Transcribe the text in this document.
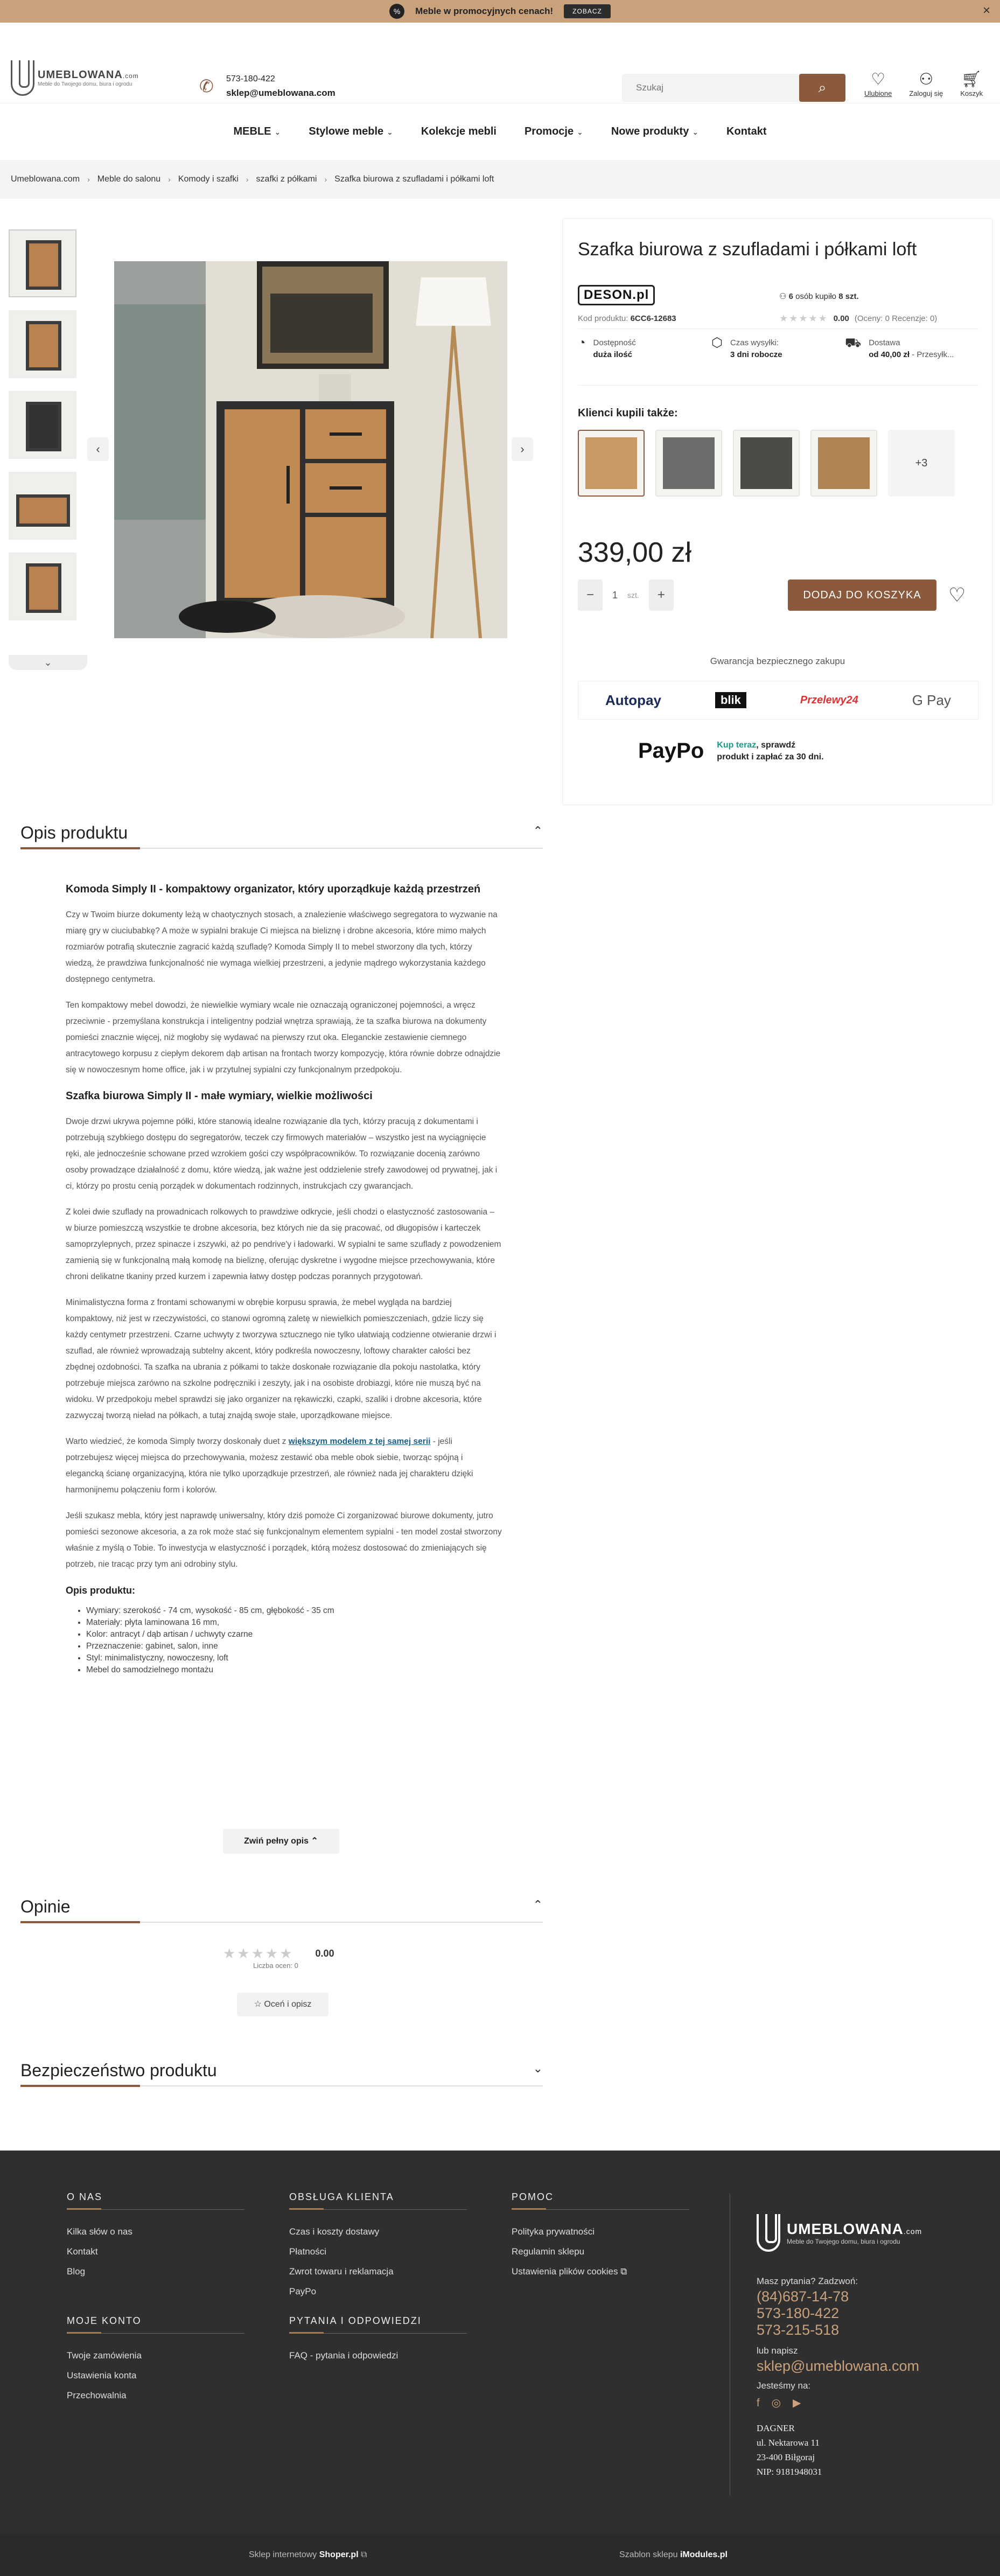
%	Meble w promocyjnych cenach!	ZOBACZ	×
UMEBLOWANA.com
Meble do Twojego domu, biura i ogrodu	✆	573-180-422
sklep@umeblowana.com
Szukaj	⌕	♡
Ulubione
⚇
Zaloguj się
🛒︎
Koszyk
MEBLE ⌄	Stylowe meble ⌄	Kolekcje mebli	Promocje ⌄	Nowe produkty ⌄	Kontakt
Umeblowana.com › Meble do salonu › Komody i szafki › szafki z półkami › Szafka biurowa z szufladami i półkami loft
⌄
‹	›
Szafka biurowa z szufladami i półkami loft
DESON.pl
Kod produktu: 6CC6-12683
⚇ 6 osób kupiło 8 szt.
★★★★★ 0.00 (Oceny: 0 Recenzje: 0)
◔ Dostępność
duża ilość
⬡ Czas wysyłki:
3 dni robocze
⛟ Dostawa
od 40,00 zł - Przesyłk...
Klienci kupili także:
+3
339,00 zł
−	1 szt.	+	DODAJ DO KOSZYKA	♡
Gwarancja bezpiecznego zakupu
Autopay	blik	Przelewy24	G Pay
PayPo Kup teraz, sprawdź
produkt i zapłać za 30 dni.
Opis produktu	⌃
Komoda Simply II - kompaktowy organizator, który uporządkuje każdą przestrzeń

Czy w Twoim biurze dokumenty leżą w chaotycznych stosach, a znalezienie właściwego segregatora to wyzwanie na miarę gry w ciuciubabkę? A może w sypialni brakuje Ci miejsca na bieliznę i drobne akcesoria, które mimo małych rozmiarów potrafią skutecznie zagracić każdą szufladę? Komoda Simply II to mebel stworzony dla tych, którzy wiedzą, że prawdziwa funkcjonalność nie wymaga wielkiej przestrzeni, a jedynie mądrego wykorzystania każdego dostępnego centymetra.

Ten kompaktowy mebel dowodzi, że niewielkie wymiary wcale nie oznaczają ograniczonej pojemności, a wręcz przeciwnie - przemyślana konstrukcja i inteligentny podział wnętrza sprawiają, że ta szafka biurowa na dokumenty pomieści znacznie więcej, niż mogłoby się wydawać na pierwszy rzut oka. Eleganckie zestawienie ciemnego antracytowego korpusu z ciepłym dekorem dąb artisan na frontach tworzy kompozycję, która równie dobrze odnajdzie się w nowoczesnym home office, jak i w przytulnej sypialni czy funkcjonalnym przedpokoju.

Szafka biurowa Simply II - małe wymiary, wielkie możliwości

Dwoje drzwi ukrywa pojemne półki, które stanowią idealne rozwiązanie dla tych, którzy pracują z dokumentami i potrzebują szybkiego dostępu do segregatorów, teczek czy firmowych materiałów – wszystko jest na wyciągnięcie ręki, ale jednocześnie schowane przed wzrokiem gości czy współpracowników. To rozwiązanie docenią zarówno osoby prowadzące działalność z domu, które wiedzą, jak ważne jest oddzielenie strefy zawodowej od prywatnej, jak i ci, którzy po prostu cenią porządek w dokumentach rodzinnych, instrukcjach czy gwarancjach.

Z kolei dwie szuflady na prowadnicach rolkowych to prawdziwe odkrycie, jeśli chodzi o elastyczność zastosowania – w biurze pomieszczą wszystkie te drobne akcesoria, bez których nie da się pracować, od długopisów i karteczek samoprzylepnych, przez spinacze i zszywki, aż po pendrive'y i ładowarki. W sypialni te same szuflady z powodzeniem zamienią się w funkcjonalną małą komodę na bieliznę, oferując dyskretne i wygodne miejsce przechowywania, które chroni delikatne tkaniny przed kurzem i zapewnia łatwy dostęp podczas porannych przygotowań.

Minimalistyczna forma z frontami schowanymi w obrębie korpusu sprawia, że mebel wygląda na bardziej kompaktowy, niż jest w rzeczywistości, co stanowi ogromną zaletę w niewielkich pomieszczeniach, gdzie liczy się każdy centymetr przestrzeni. Czarne uchwyty z tworzywa sztucznego nie tylko ułatwiają codzienne otwieranie drzwi i szuflad, ale również wprowadzają subtelny akcent, który podkreśla nowoczesny, loftowy charakter całości bez zbędnej ozdobności. Ta szafka na ubrania z półkami to także doskonałe rozwiązanie dla pokoju nastolatka, który potrzebuje miejsca zarówno na szkolne podręczniki i zeszyty, jak i na osobiste drobiazgi, które nie muszą być na widoku. W przedpokoju mebel sprawdzi się jako organizer na rękawiczki, czapki, szaliki i drobne akcesoria, które zazwyczaj tworzą nieład na półkach, a tutaj znajdą swoje stałe, uporządkowane miejsce.

Warto wiedzieć, że komoda Simply tworzy doskonały duet z większym modelem z tej samej serii - jeśli potrzebujesz więcej miejsca do przechowywania, możesz zestawić oba meble obok siebie, tworząc spójną i elegancką ścianę organizacyjną, która nie tylko uporządkuje przestrzeń, ale również nada jej charakteru dzięki harmonijnemu połączeniu form i kolorów.

Jeśli szukasz mebla, który jest naprawdę uniwersalny, który dziś pomoże Ci zorganizować biurowe dokumenty, jutro pomieści sezonowe akcesoria, a za rok może stać się funkcjonalnym elementem sypialni - ten model został stworzony właśnie z myślą o Tobie. To inwestycja w elastyczność i porządek, którą możesz dostosować do zmieniających się potrzeb, nie tracąc przy tym ani odrobiny stylu.

Opis produktu:
• Wymiary: szerokość - 74 cm, wysokość - 85 cm, głębokość - 35 cm
• Materiały: płyta laminowana 16 mm,
• Kolor: antracyt / dąb artisan / uchwyty czarne
• Przeznaczenie: gabinet, salon, inne
• Styl: minimalistyczny, nowoczesny, loft
• Mebel do samodzielnego montażu
Zwiń pełny opis ⌃
Opinie	⌃
★★★★★ 0.00
Liczba ocen: 0
☆ Oceń i opisz
Bezpieczeństwo produktu	⌄
O NAS
Kilka słów o nas
Kontakt
Blog
OBSŁUGA KLIENTA
Czas i koszty dostawy
Płatności
Zwrot towaru i reklamacja
PayPo
POMOC
Polityka prywatności
Regulamin sklepu
Ustawienia plików cookies ⧉
MOJE KONTO
Twoje zamówienia
Ustawienia konta
Przechowalnia
PYTANIA I ODPOWIEDZI
FAQ - pytania i odpowiedzi
UMEBLOWANA.com
Meble do Twojego domu, biura i ogrodu
Masz pytania? Zadzwoń:
(84)687-14-78
573-180-422
573-215-518
lub napisz
sklep@umeblowana.com
Jesteśmy na:
f ◎ ▶
DAGNER
ul. Nektarowa 11
23-400 Biłgoraj
NIP: 9181948031
Sklep internetowy Shoper.pl ⧉	Szablon sklepu iModules.pl
